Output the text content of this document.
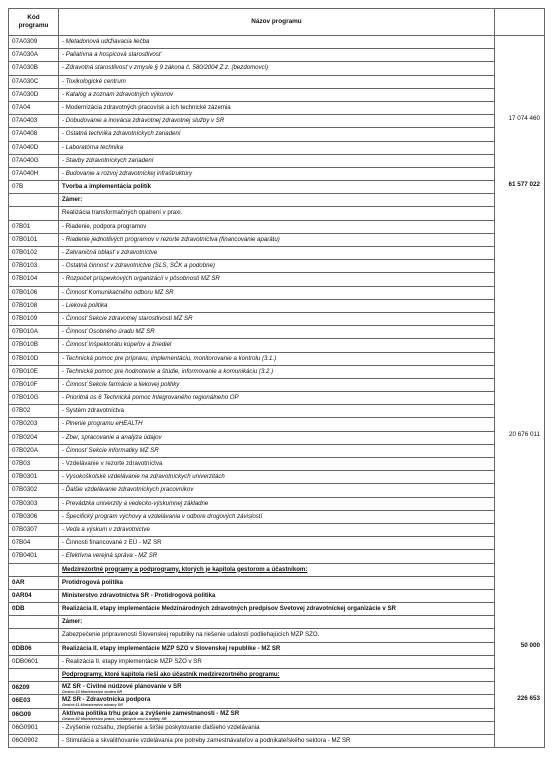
Kód programu	Názov programu	
07A0309	- Metadonová udržiavacia liečba	
07A030A	- Paliatívna a hospicová starostlivosť	
07A030B	- Zdravotná starostlivosť v zmysle § 9 zákona č. 580/2004 Z.z. (bezdomovci)	
07A030C	- Toxikologické centrum	
07A030D	- Katalóg a zoznam zdravotných výkonov	
07A04	- Modernizácia zdravotných pracovísk a ich technické zázemia	
07A0403	- Dobudovanie a inovácia zdravotnej zdravotnej služby v SR	17 074 460
07A0408	- Ostatná technika zdravotníckych zariadení	
07A040D	- Laboratórna technika	
07A040G	- Stavby zdravotníckych zariadení	
07A040H	- Budovanie a rozvoj zdravotníckej infraštruktúry	
07B	Tvorba a implementácia politík	61 577 022
	Zámer:	
	Realizácia transformačných opatrení v praxi.	
07B01	- Riadenie, podpora programov	
07B0101	- Riadenie jednotlivých programov v rezorte zdravotníctva (financovanie aparátu)	
07B0102	- Zahraničná oblasť v zdravotníctve	
07B0103	- Ostatná činnosť v zdravotníctve (SLS, SČK a podobne)	
07B0104	- Rozpočet príspevkových organizácií v pôsobnosti MZ SR	
07B0106	- Činnosť Komunikačného odboru MZ SR	
07B0108	- Lieková politika	
07B0109	- Činnosť Sekcie zdravotnej starostlivosti MZ SR	
07B010A	- Činnosť Osobného úradu MZ SR	
07B010B	- Činnosť Inšpektorátu kúpeľov a žriediel	
07B010D	- Technická pomoc pre prípravu, implementáciu, monitorovanie a kontrolu (3.1.)	
07B010E	- Technická pomoc pre hodnotenie a štúdie, informovanie a komunikáciu (3.2.)	
07B010F	- Činnosť Sekcie farmácie a liekovej politiky	
07B010G	- Prioritná os 6 Technická pomoc Integrovaného regionálneho OP	
07B02	- Systém zdravotníctva	
07B0203	- Plnenie programu eHEALTH	
07B0204	- Zber, spracovanie a analýza údajov	20 676 011
07B020A	- Činnosť Sekcie informatiky MZ SR	
07B03	- Vzdelávanie v rezorte zdravotníctva	
07B0301	- Vysokoškolské vzdelávanie na zdravotníckych univerzitách	
07B0302	- Ďalšie vzdelávanie zdravotníckych pracovníkov	
07B0303	- Prevádzka univerzity a vedecko-výskumnej základne	
07B0306	- Špecifický program výchovy a vzdelávania v odbore drogových závislostí	
07B0307	- Veda a výskum v zdravotníctve	
07B04	- Činnosti financované z EÚ - MZ SR	
07B0401	- Efektívna verejná správa - MZ SR	
	Medzirezortné programy a podprogramy, ktorých je kapitola gestorom a účastníkom:	
0AR	Protidrogová politika	
0AR04	Ministerstvo zdravotníctva SR - Protidrogová politika	
0DB	Realizácia II. etapy implementácie Medzinárodných zdravotných predpisov Svetovej zdravotníckej organizácie v SR	
	Zámer:	
	Zabezpečenie pripravenosti Slovenskej republiky na riešenie udalostí podliehajúcich MZP SZO.	
0DB06	Realizácia II. etapy implementácie MZP SZO v Slovenskej republike - MZ SR	50 000
0DB0601	- Realizácia II. etapy implementácie MZP SZO v SR	
	Podprogramy, ktoré kapitola rieši ako účastník medzirezortného programu:	
06209	MZ SR - Civilné núdzové plánovanie v SR
Gestor:13 Ministerstvo vnútra SR	

06E03	MZ SR - Zdravotnícka podpora
Gestor:11 Ministerstvo obrany SR	226 653
06G09	Aktívna politika trhu práce a zvýšenie zamestnanosti - MZ SR
Gestor:32 Ministerstvo práce, sociálnych vecí a rodiny SR	

06G0901	- Zvýšenie rozsahu, zlepšenie a širšie poskytovanie ďalšieho vzdelávania	
06G0902	- Stimulácia a skvalitňovanie vzdelávania pre potreby zamestnávateľov a podnikateľského sektora - MZ SR	
